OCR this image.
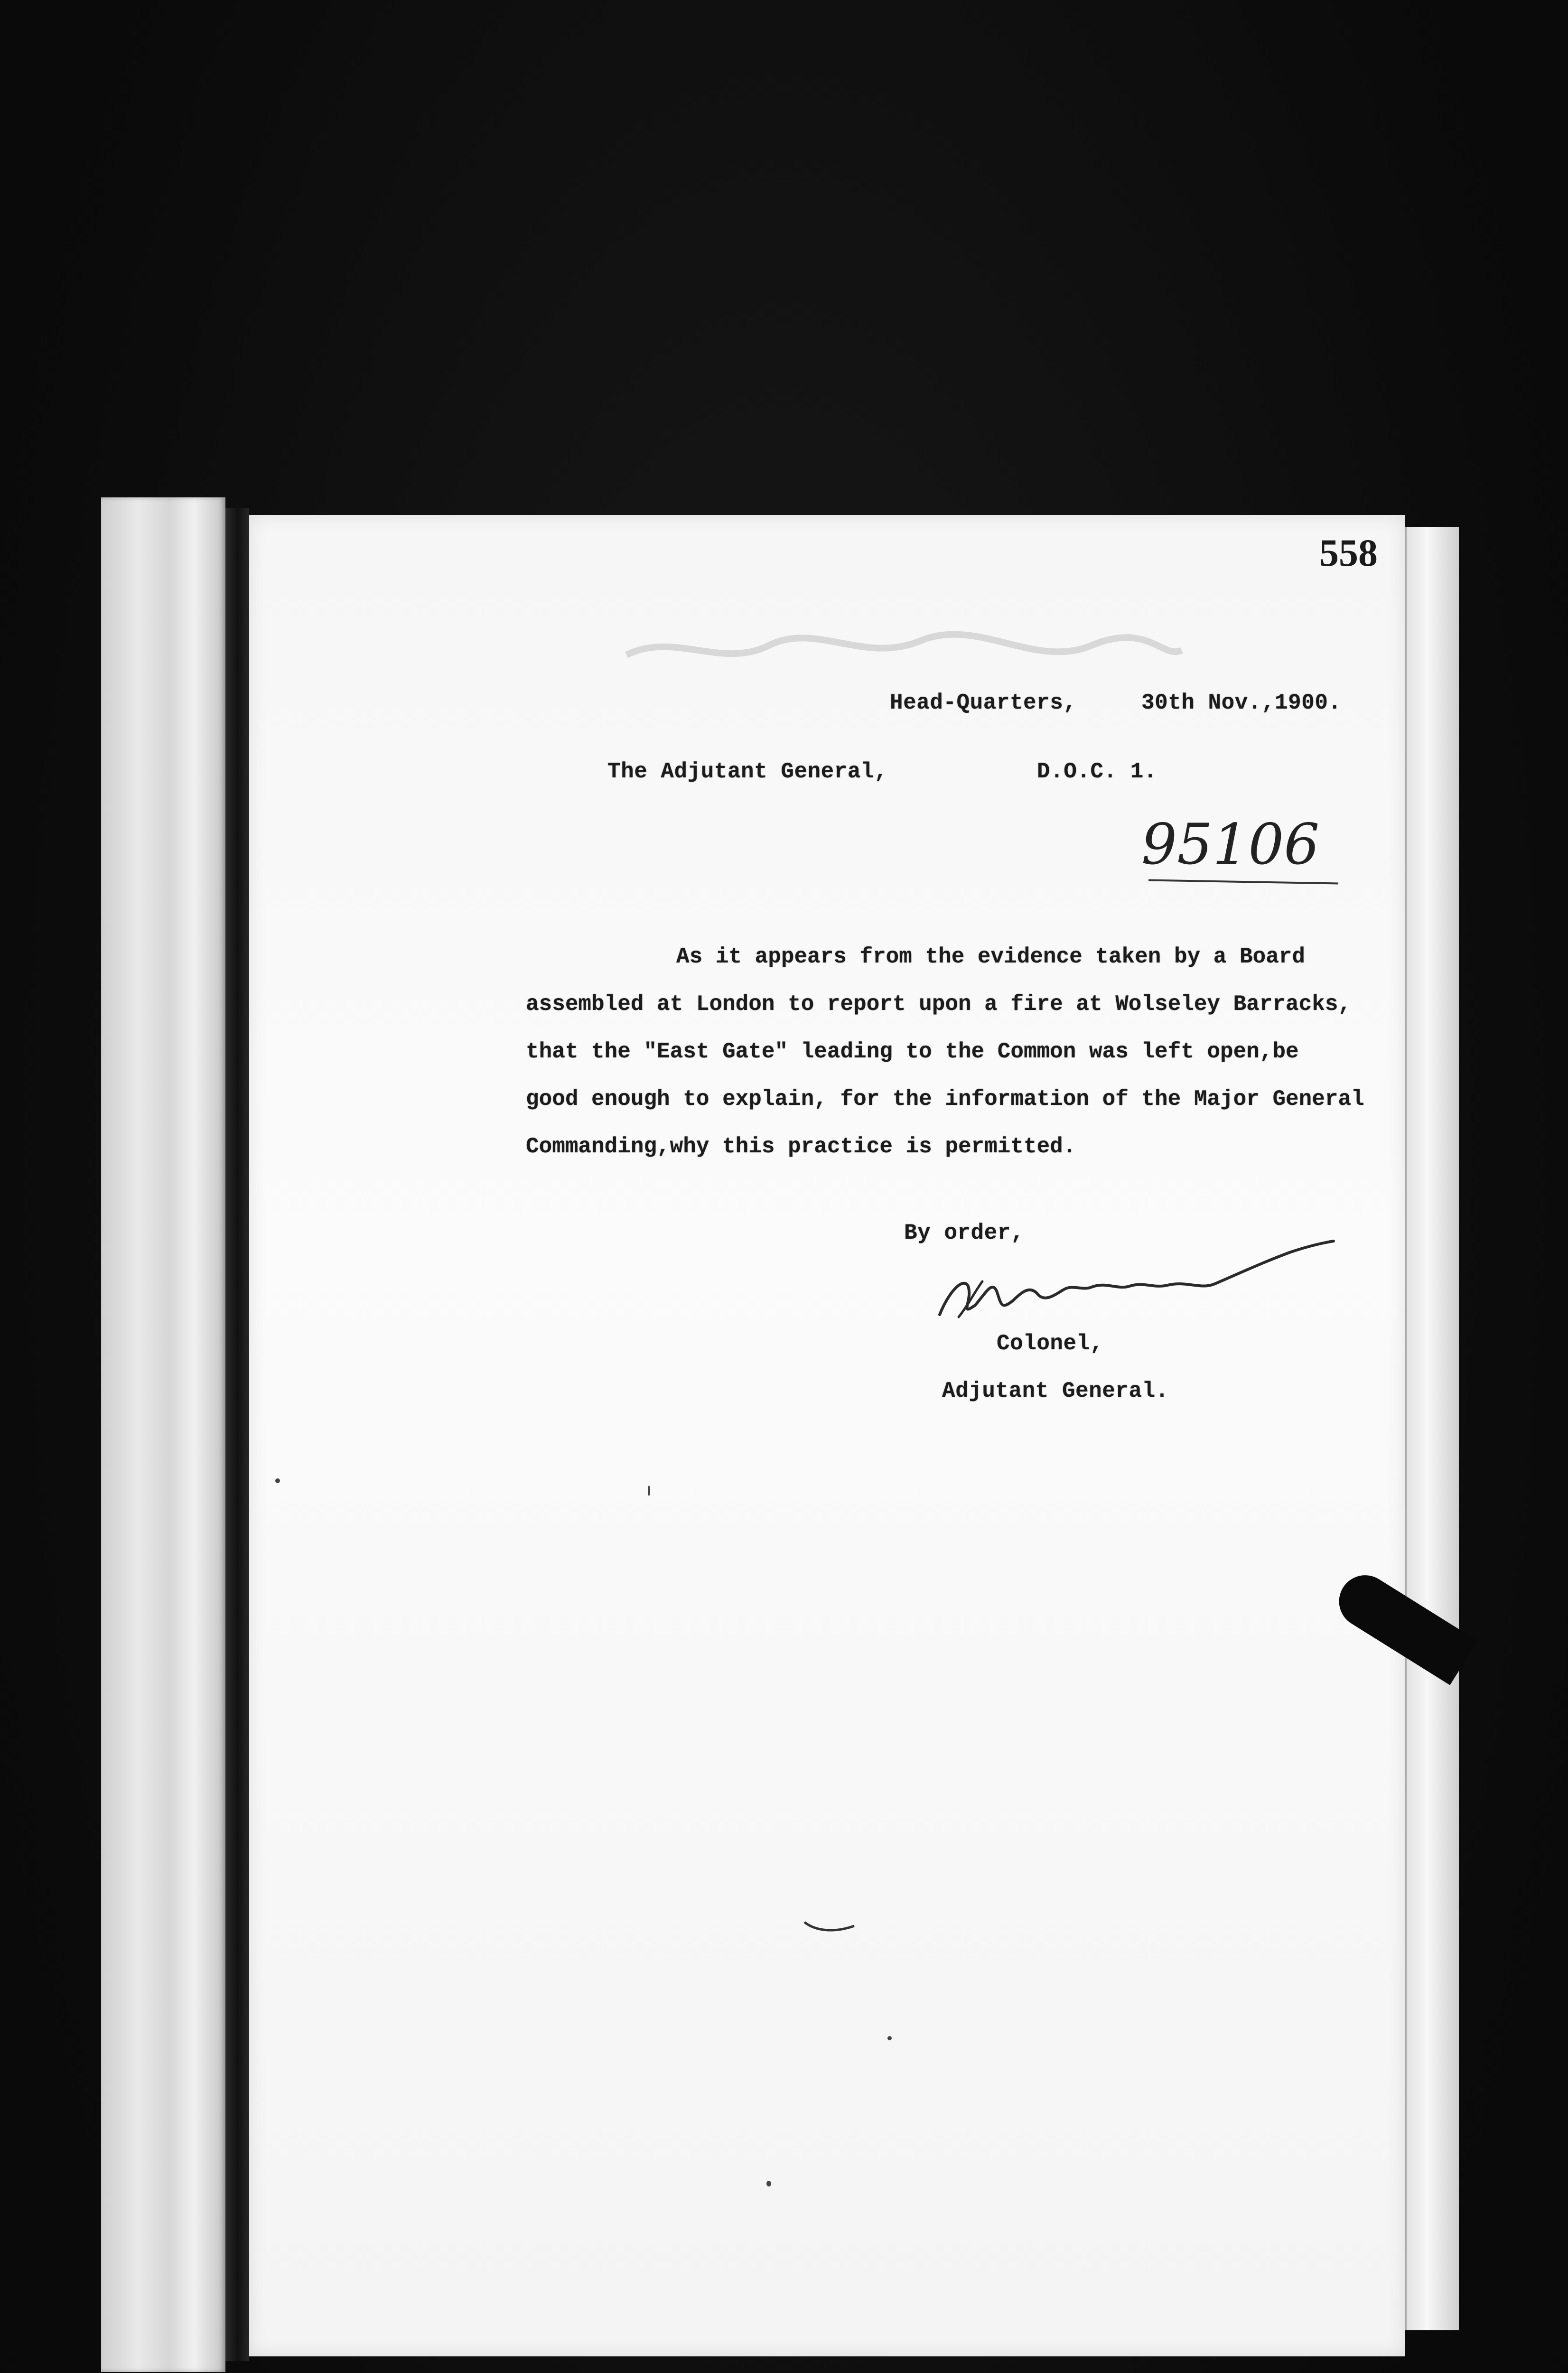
558
Head-Quarters,	30th Nov.,1900.
The Adjutant General,	D.O.C. 1.
95106
As it appears from the evidence taken by a Board
assembled at London to report upon a fire at Wolseley Barracks,
that the "East Gate" leading to the Common was left open,be
good enough to explain, for the information of the Major General
Commanding,why this practice is permitted.
By order,
Colonel,
Adjutant General.
